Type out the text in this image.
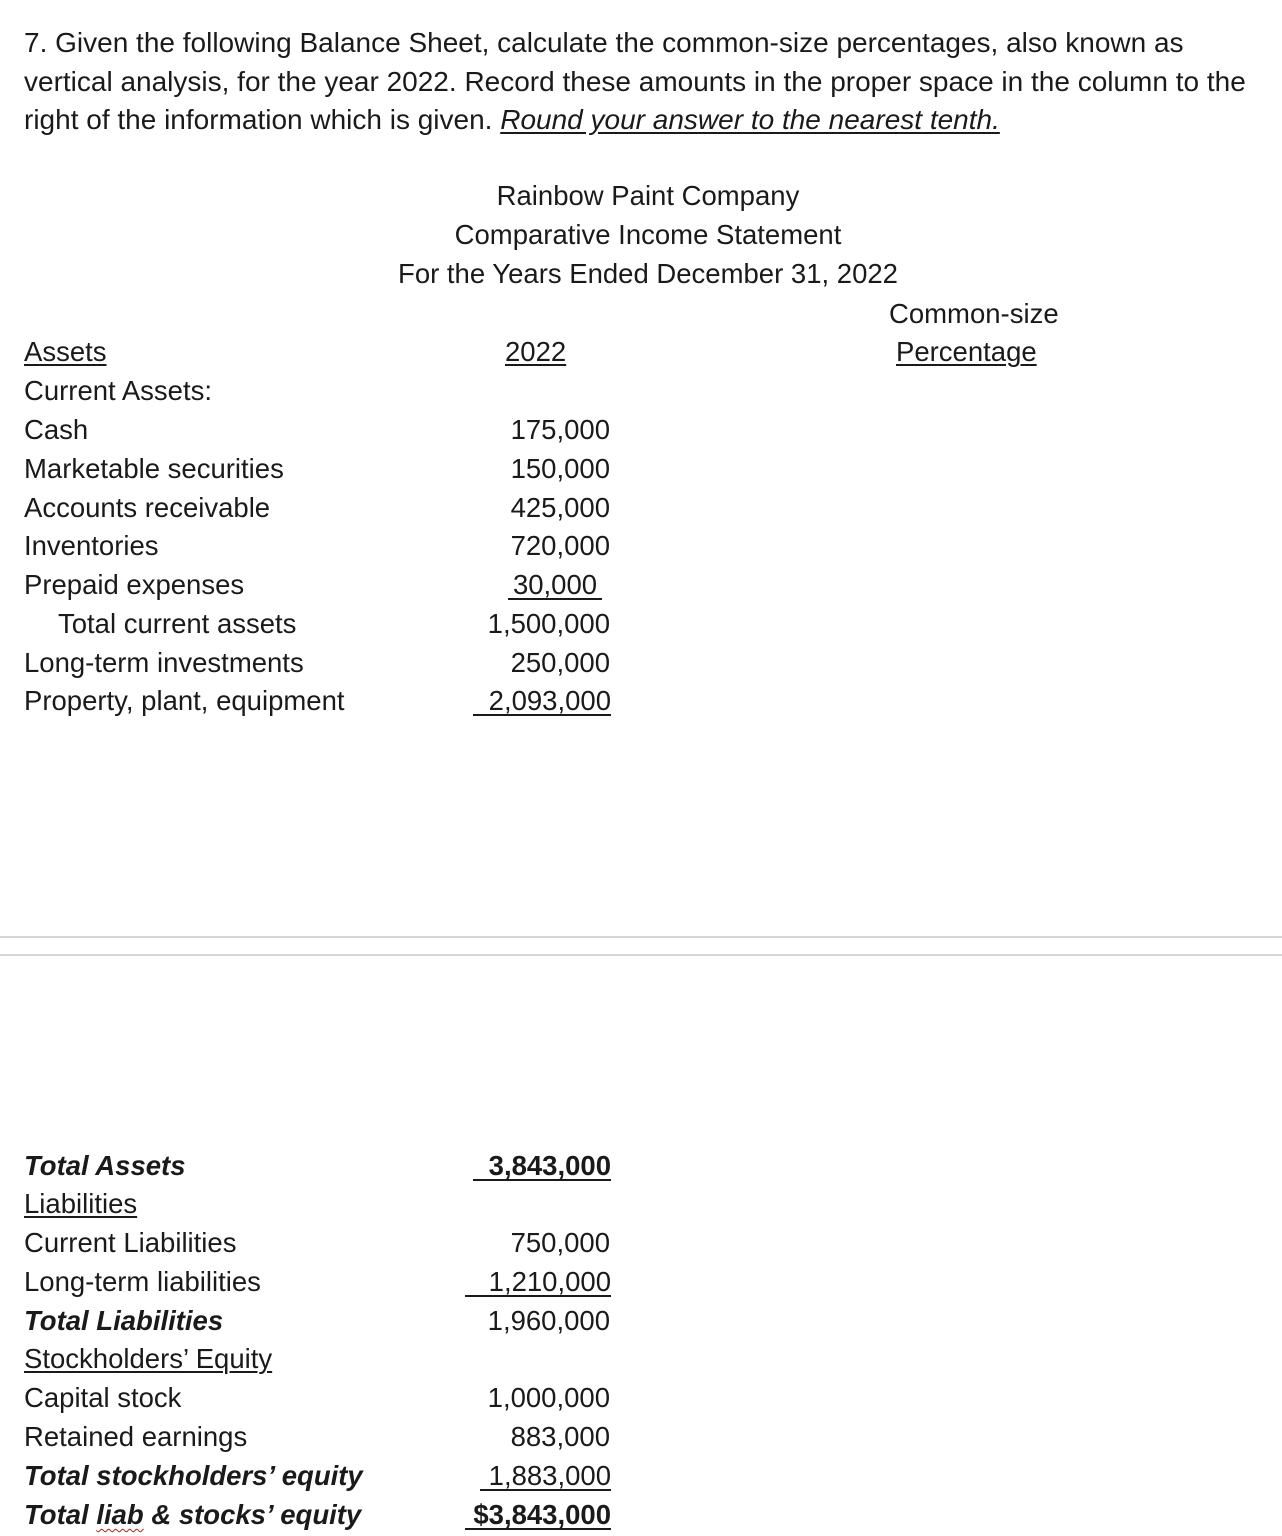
7. Given the following Balance Sheet, calculate the common-size percentages, also known as vertical analysis, for the year 2022. Record these amounts in the proper space in the column to the right of the information which is given. Round your answer to the nearest tenth.
Rainbow Paint Company
Comparative Income Statement
For the Years Ended December 31, 2022
Common-size
Percentage
Assets	2022
Current Assets:
Cash	175,000
Marketable securities	150,000
Accounts receivable	425,000
Inventories	720,000
Prepaid expenses	30,000
Total current assets	1,500,000
Long-term investments	250,000
Property, plant, equipment	2,093,000
Total Assets	3,843,000
Liabilities
Current Liabilities	750,000
Long-term liabilities	1,210,000
Total Liabilities	1,960,000
Stockholders’ Equity
Capital stock	1,000,000
Retained earnings	883,000
Total stockholders’ equity	1,883,000
Total liab & stocks’ equity	$3,843,000
